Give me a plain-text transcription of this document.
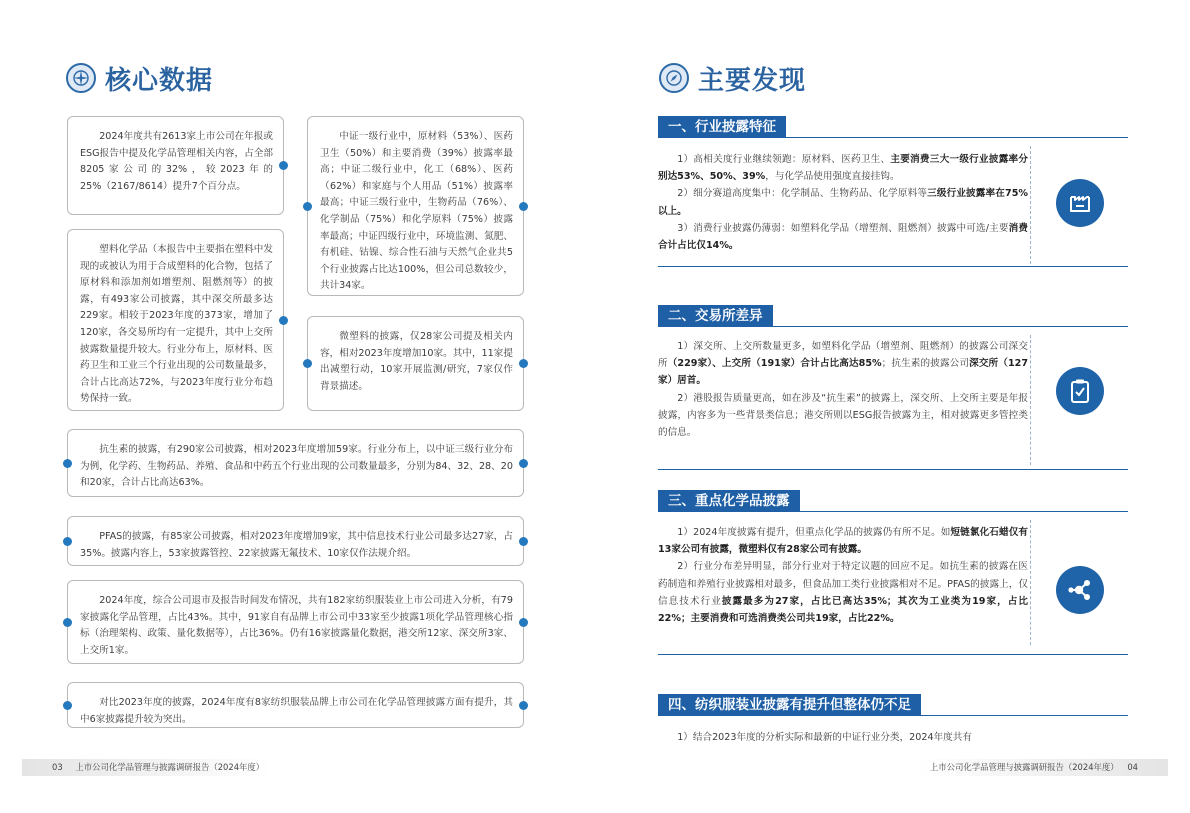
核心数据

2024年度共有2613家上市公司在年报或ESG报告中提及化学品管理相关内容，占全部8205家公司的32%，较2023年的25%（2167/8614）提升7个百分点。

中证一级行业中，原材料（53%）、医药卫生（50%）和主要消费（39%）披露率最高；中证二级行业中，化工（68%）、医药（62%）和家庭与个人用品（51%）披露率最高；中证三级行业中，生物药品（76%）、化学制品（75%）和化学原料（75%）披露率最高；中证四级行业中，环境监测、氮肥、有机硅、钴镍、综合性石油与天然气企业共5个行业披露占比达100%，但公司总数较少，共计34家。

塑料化学品（本报告中主要指在塑料中发现的或被认为用于合成塑料的化合物，包括了原材料和添加剂如增塑剂、阻燃剂等）的披露，有493家公司披露，其中深交所最多达229家。相较于2023年度的373家，增加了120家，各交易所均有一定提升，其中上交所披露数量提升较大。行业分布上，原材料、医药卫生和工业三个行业出现的公司数量最多，合计占比高达72%，与2023年度行业分布趋势保持一致。

微塑料的披露，仅28家公司提及相关内容，相对2023年度增加10家。其中，11家提出减塑行动，10家开展监测/研究，7家仅作背景描述。

抗生素的披露，有290家公司披露，相对2023年度增加59家。行业分布上，以中证三级行业分布为例，化学药、生物药品、养殖、食品和中药五个行业出现的公司数量最多，分别为84、32、28、20和20家，合计占比高达63%。

PFAS的披露，有85家公司披露，相对2023年度增加9家，其中信息技术行业公司最多达27家，占35%。披露内容上，53家披露管控、22家披露无氟技术、10家仅作法规介绍。

2024年度，综合公司退市及报告时间发布情况，共有182家纺织服装业上市公司进入分析，有79家披露化学品管理，占比43%。其中，91家自有品牌上市公司中33家至少披露1项化学品管理核心指标（治理架构、政策、量化数据等），占比36%。仍有16家披露量化数据，港交所12家、深交所3家、上交所1家。

对比2023年度的披露，2024年度有8家纺织服装品牌上市公司在化学品管理披露方面有提升，其中6家披露提升较为突出。

03 上市公司化学品管理与披露调研报告（2024年度）
主要发现
一、行业披露特征

1）高相关度行业继续领跑：原材料、医药卫生、主要消费三大一级行业披露率分别达53%、50%、39%，与化学品使用强度直接挂钩。

2）细分赛道高度集中：化学制品、生物药品、化学原料等三级行业披露率在75%以上。

3）消费行业披露仍薄弱：如塑料化学品（增塑剂、阻燃剂）披露中可选/主要消费合计占比仅14%。

二、交易所差异

1）深交所、上交所数量更多，如塑料化学品（增塑剂、阻燃剂）的披露公司深交所（229家）、上交所（191家）合计占比高达85%；抗生素的披露公司深交所（127家）居首。

2）港股报告质量更高，如在涉及“抗生素”的披露上，深交所、上交所主要是年报披露，内容多为一些背景类信息；港交所则以ESG报告披露为主，相对披露更多管控类的信息。

三、重点化学品披露

1）2024年度披露有提升，但重点化学品的披露仍有所不足。如短链氯化石蜡仅有13家公司有披露，微塑料仅有28家公司有披露。

2）行业分布差异明显，部分行业对于特定议题的回应不足。如抗生素的披露在医药制造和养殖行业披露相对最多，但食品加工类行业披露相对不足。PFAS的披露上，仅信息技术行业披露最多为27家，占比已高达35%；其次为工业类为19家，占比22%；主要消费和可选消费类公司共19家，占比22%。

四、纺织服装业披露有提升但整体仍不足

1）结合2023年度的分析实际和最新的中证行业分类，2024年度共有

上市公司化学品管理与披露调研报告（2024年度） 04
